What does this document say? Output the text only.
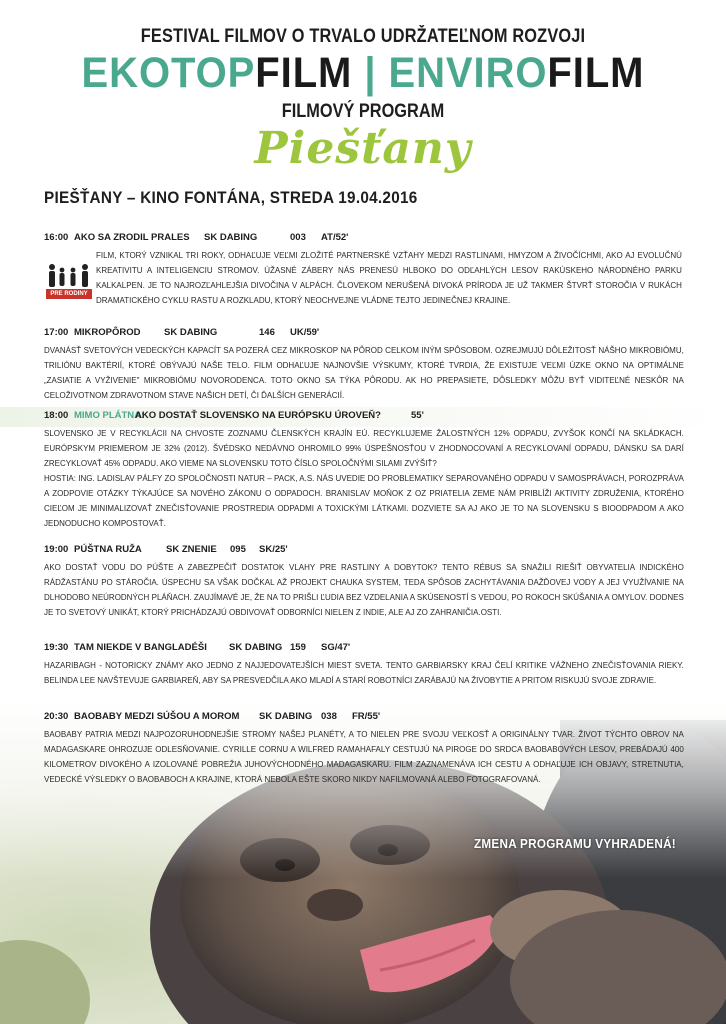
FESTIVAL FILMOV O TRVALO UDRŽATEĽNOM ROZVOJI
EKOTOPFILM | ENVIROFILM
FILMOVÝ PROGRAM
Piešťany
PIEŠŤANY – KINO FONTÁNA, STREDA 19.04.2016
16:00 AKO SA ZRODIL PRALES SK DABING	003 AT/52'
FILM, KTORÝ VZNIKAL TRI ROKY, ODHAĽUJE VEĽMI ZLOŽITÉ PARTNERSKÉ VZŤAHY MEDZI RASTLINAMI, HMYZOM A ŽIVOČÍCHMI, AKO AJ EVOLUČNÚ KREATIVITU A INTELIGENCIU STROMOV. ÚŽASNÉ ZÁBERY NÁS PRENESÚ HLBOKO DO ODĽAHLÝCH LESOV RAKÚSKEHO NÁRODNÉHO PARKU KALKALPEN. JE TO NAJROZĽAHLEJŠIA DIVOČINA V ALPÁCH. ČLOVEKOM NERUŠENÁ DIVOKÁ PRÍRODA JE UŽ TAKMER ŠTVRŤ STOROČIA V RUKÁCH DRAMATICKÉHO CYKLU RASTU A ROZKLADU, KTORÝ NEOCHVEJNE VLÁDNE TEJTO JEDINEČNEJ KRAJINE.
PRE RODINY
17:00 MIKROPÔROD SK DABING	146 UK/59'
DVANÁSŤ SVETOVÝCH VEDECKÝCH KAPACÍT SA POZERÁ CEZ MIKROSKOP NA PÔROD CELKOM INÝM SPÔSOBOM. OZREJMUJÚ DÔLEŽITOSŤ NÁŠHO MIKROBIÓMU, TRILIÓNU BAKTÉRIÍ, KTORÉ OBÝVAJÚ NAŠE TELO. FILM ODHAĽUJE NAJNOVŠIE VÝSKUMY, KTORÉ TVRDIA, ŽE EXISTUJE VEĽMI ÚZKE OKNO NA OPTIMÁLNE „ZASIATIE A VYŽIVENIE" MIKROBIÓMU NOVORODENCA. TOTO OKNO SA TÝKA PÔRODU. AK HO PREPASIETE, DÔSLEDKY MÔŽU BYŤ VIDITEĽNÉ NESKÔR NA CELOŽIVOTNOM ZDRAVOTNOM STAVE NAŠICH DETÍ, ČI ĎALŠÍCH GENERÁCIÍ.
18:00 MIMO PLÁTNA:
AKO DOSTAŤ SLOVENSKO NA EURÓPSKU ÚROVEŇ?	55'
SLOVENSKO JE V RECYKLÁCII NA CHVOSTE ZOZNAMU ČLENSKÝCH KRAJÍN EÚ. RECYKLUJEME ŽALOSTNÝCH 12% ODPADU, ZVYŠOK KONČÍ NA SKLÁDKACH. EURÓPSKYM PRIEMEROM JE 32% (2012). ŠVÉDSKO NEDÁVNO OHROMILO 99% ÚSPEŠNOSŤOU V ZHODNOCOVANÍ A RECYKLOVANÍ ODPADU, DÁNSKU SA DARÍ ZRECYKLOVAŤ 45% ODPADU. AKO VIEME NA SLOVENSKU TOTO ČÍSLO SPOLOČNÝMI SILAMI ZVÝŠIŤ?
HOSTIA: ING. LADISLAV PÁLFY ZO SPOLOČNOSTI NATUR – PACK, A.S. NÁS UVEDIE DO PROBLEMATIKY SEPAROVANÉHO ODPADU V SAMOSPRÁVACH, POROZPRÁVA A ZODPOVIE OTÁZKY TÝKAJÚCE SA NOVÉHO ZÁKONU O ODPADOCH. BRANISLAV MOŇOK Z OZ PRIATELIA ZEME NÁM PRIBLÍŽI AKTIVITY ZDRUŽENIA, KTORÉHO CIEĽOM JE MINIMALIZOVAŤ ZNEČISŤOVANIE PROSTREDIA ODPADMI A TOXICKÝMI LÁTKAMI. DOZVIETE SA AJ AKO JE TO NA SLOVENSKU S BIOODPADOM A AKO JEDNODUCHO KOMPOSTOVAŤ.
19:00 PÚŠTNA RUŽA	SK ZNENIE 095 SK/25'
AKO DOSTAŤ VODU DO PÚŠTE A ZABEZPEČIŤ DOSTATOK VLAHY PRE RASTLINY A DOBYTOK? TENTO RÉBUS SA SNAŽILI RIEŠIŤ OBYVATELIA INDICKÉHO RÁDŽASTÁNU PO STÁROČIA. ÚSPECHU SA VŠAK DOČKAL AŽ PROJEKT CHAUKA SYSTEM, TEDA SPÔSOB ZACHYTÁVANIA DAŽĎOVEJ VODY A JEJ VYUŽÍVANIE NA DLHODOBO NEÚRODNÝCH PLÁŇACH. ZAUJÍMAVÉ JE, ŽE NA TO PRIŠLI ĽUDIA BEZ VZDELANIA A SKÚSENOSTÍ S VEDOU, PO ROKOCH SKÚŠANIA A OMYLOV. DODNES JE TO SVETOVÝ UNIKÁT, KTORÝ PRICHÁDZAJÚ OBDIVOVAŤ ODBORNÍCI NIELEN Z INDIE, ALE AJ ZO ZAHRANIČIA.OSTI.
19:30 TAM NIEKDE V BANGLADÉŠI SK DABING 159 SG/47'
HAZARIBAGH - NOTORICKY ZNÁMY AKO JEDNO Z NAJJEDOVATEJŠÍCH MIEST SVETA. TENTO GARBIARSKY KRAJ ČELÍ KRITIKE VÁŽNEHO ZNEČISŤOVANIA RIEKY. BELINDA LEE NAVŠTEVUJE GARBIAREŇ, ABY SA PRESVEDČILA AKO MLADÍ A STARÍ ROBOTNÍCI ZARÁBAJÚ NA ŽIVOBYTIE A PRITOM RISKUJÚ SVOJE ZDRAVIE.
20:30 BAOBABY MEDZI SÚŠOU A MOROM SK DABING 038 FR/55'
BAOBABY PATRIA MEDZI NAJPOZORUHODNEJŠIE STROMY NAŠEJ PLANÉTY, A TO NIELEN PRE SVOJU VEĽKOSŤ A ORIGINÁLNY TVAR. ŽIVOT TÝCHTO OBROV NA MADAGASKARE OHROZUJE ODLESŇOVANIE. CYRILLE CORNU A WILFRED RAMAHAFALY CESTUJÚ NA PIROGE DO SRDCA BAOBABOVÝCH LESOV, PREBÁDAJÚ 400 KILOMETROV DIVOKÉHO A IZOLOVANÉ POBREŽIA JUHOVÝCHODNÉHO MADAGASKARU. FILM ZAZNAMENÁVA ICH CESTU A ODHAĽUJE ICH OBJAVY, STRETNUTIA, VEDECKÉ VÝSLEDKY O BAOBABOCH A KRAJINE, KTORÁ NEBOLA EŠTE SKORO NIKDY NAFILMOVANÁ ALEBO FOTOGRAFOVANÁ.
ZMENA PROGRAMU VYHRADENÁ!
